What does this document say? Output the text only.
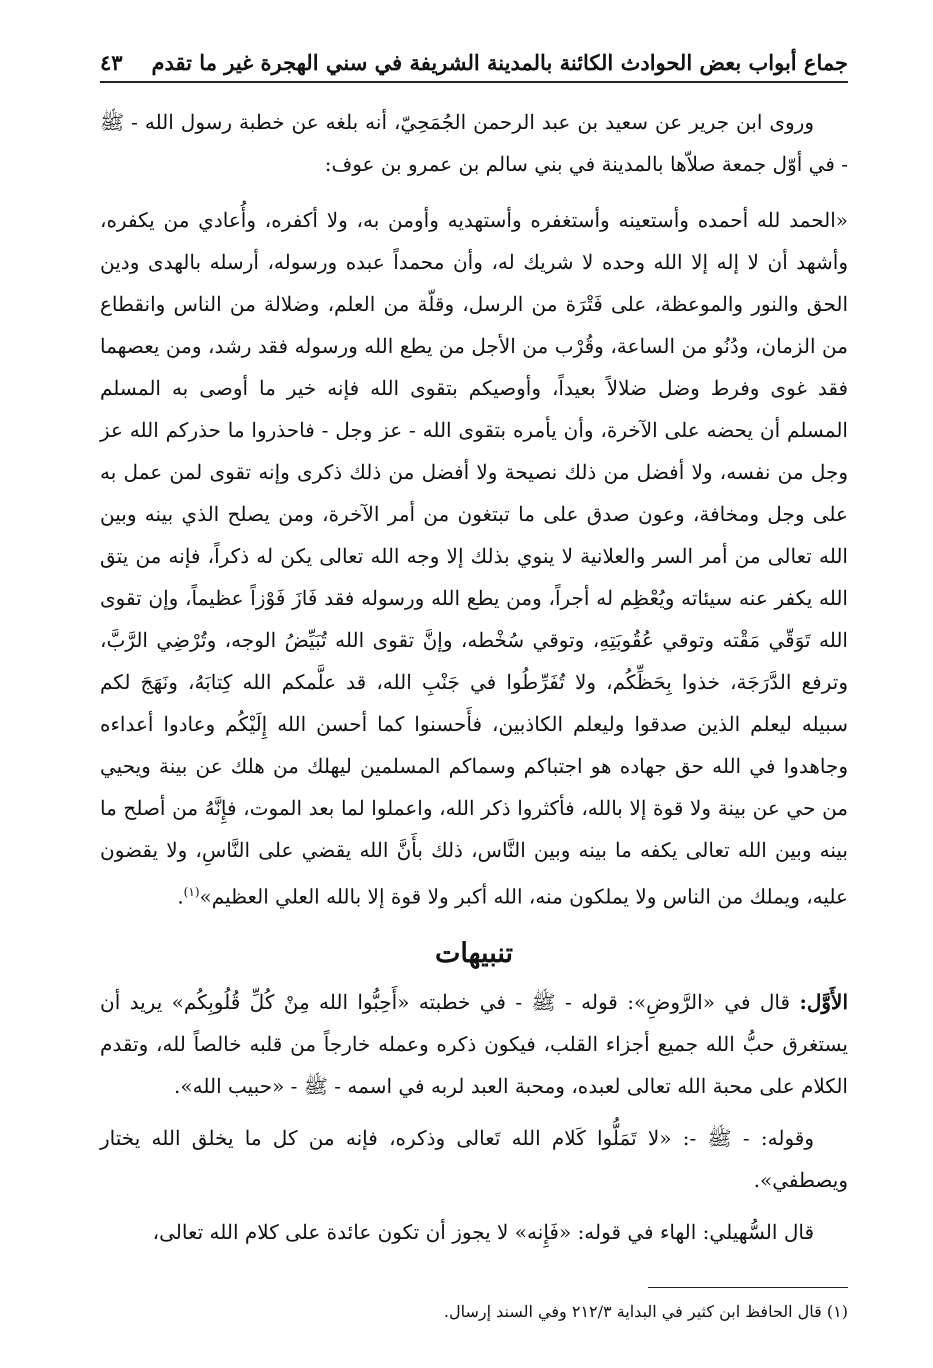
جماع أبواب بعض الحوادث الكائنة بالمدينة الشريفة في سني الهجرة غير ما تقدم
٤٣

وروى ابن جرير عن سعيد بن عبد الرحمن الجُمَحِيّ، أنه بلغه عن خطبة رسول الله - ﷺ - في أوّل جمعة صلاّها بالمدينة في بني سالم بن عمرو بن عوف:

«الحمد لله أحمده وأستعينه وأستغفره وأستهديه وأومن به، ولا أكفره، وأُعادي من يكفره، وأشهد أن لا إله إلا الله وحده لا شريك له، وأن محمداً عبده ورسوله، أرسله بالهدى ودين الحق والنور والموعظة، على فَتْرَة من الرسل، وقلّة من العلم، وضلالة من الناس وانقطاع من الزمان، ودُنُو من الساعة، وقُرْب من الأجل من يطع الله ورسوله فقد رشد، ومن يعصهما فقد غوى وفرط وضل ضلالاً بعيداً، وأوصيكم بتقوى الله فإنه خير ما أوصى به المسلم المسلم أن يحضه على الآخرة، وأن يأمره بتقوى الله - عز وجل - فاحذروا ما حذركم الله عز وجل من نفسه، ولا أفضل من ذلك نصيحة ولا أفضل من ذلك ذكرى وإنه تقوى لمن عمل به على وجل ومخافة، وعون صدق على ما تبتغون من أمر الآخرة، ومن يصلح الذي بينه وبين الله تعالى من أمر السر والعلانية لا ينوي بذلك إلا وجه الله تعالى يكن له ذكراً، فإنه من يتق الله يكفر عنه سيئاته ويُعْظِم له أجراً، ومن يطع الله ورسوله فقد فَازَ فَوْزاً عظيماً، وإن تقوى الله تَوَقّي مَقْته وتوقي عُقُوبَتِهِ، وتوقي سُخْطه، وإنَّ تقوى الله تُبَيِّضُ الوجه، وتُرْضِي الرَّبَّ، وترفع الدَّرَجَة، خذوا بِحَظِّكُم، ولا تُفَرِّطُوا في جَنْبِ الله، قد علَّمكم الله كِتابَهُ، ونَهَجَ لكم سبيله ليعلم الذين صدقوا وليعلم الكاذبين، فأَحسنوا كما أحسن الله إِلَيْكُم وعادوا أعداءه وجاهدوا في الله حق جهاده هو اجتباكم وسماكم المسلمين ليهلك من هلك عن بينة ويحيي من حي عن بينة ولا قوة إلا بالله، فأكثروا ذكر الله، واعملوا لما بعد الموت، فإِنَّهُ من أصلح ما بينه وبين الله تعالى يكفه ما بينه وبين النَّاس، ذلك بأَنَّ الله يقضي على النَّاسِ، ولا يقضون عليه، ويملك من الناس ولا يملكون منه، الله أكبر ولا قوة إلا بالله العلي العظيم»$^{(١)}$.

تنبيهات

الأَوَّل: قال في «الرَّوضِ»: قوله - ﷺ - في خطبته «أَحِبُّوا الله مِنْ كُلِّ قُلُوبِكُم» يريد أن يستغرق حبُّ الله جميع أجزاء القلب، فيكون ذكره وعمله خارجاً من قلبه خالصاً لله، وتقدم الكلام على محبة الله تعالى لعبده، ومحبة العبد لربه في اسمه - ﷺ - «حبيب الله».

وقوله: - ﷺ -: «لا تَمَلُّوا كَلام الله تَعالى وذكره، فإنه من كل ما يخلق الله يختار ويصطفي».

قال السُّهيلي: الهاء في قوله: «فَإِنه» لا يجوز أن تكون عائدة على كلام الله تعالى،

(١) قال الحافظ ابن كثير في البداية ٢١٢/٣ وفي السند إرسال.
